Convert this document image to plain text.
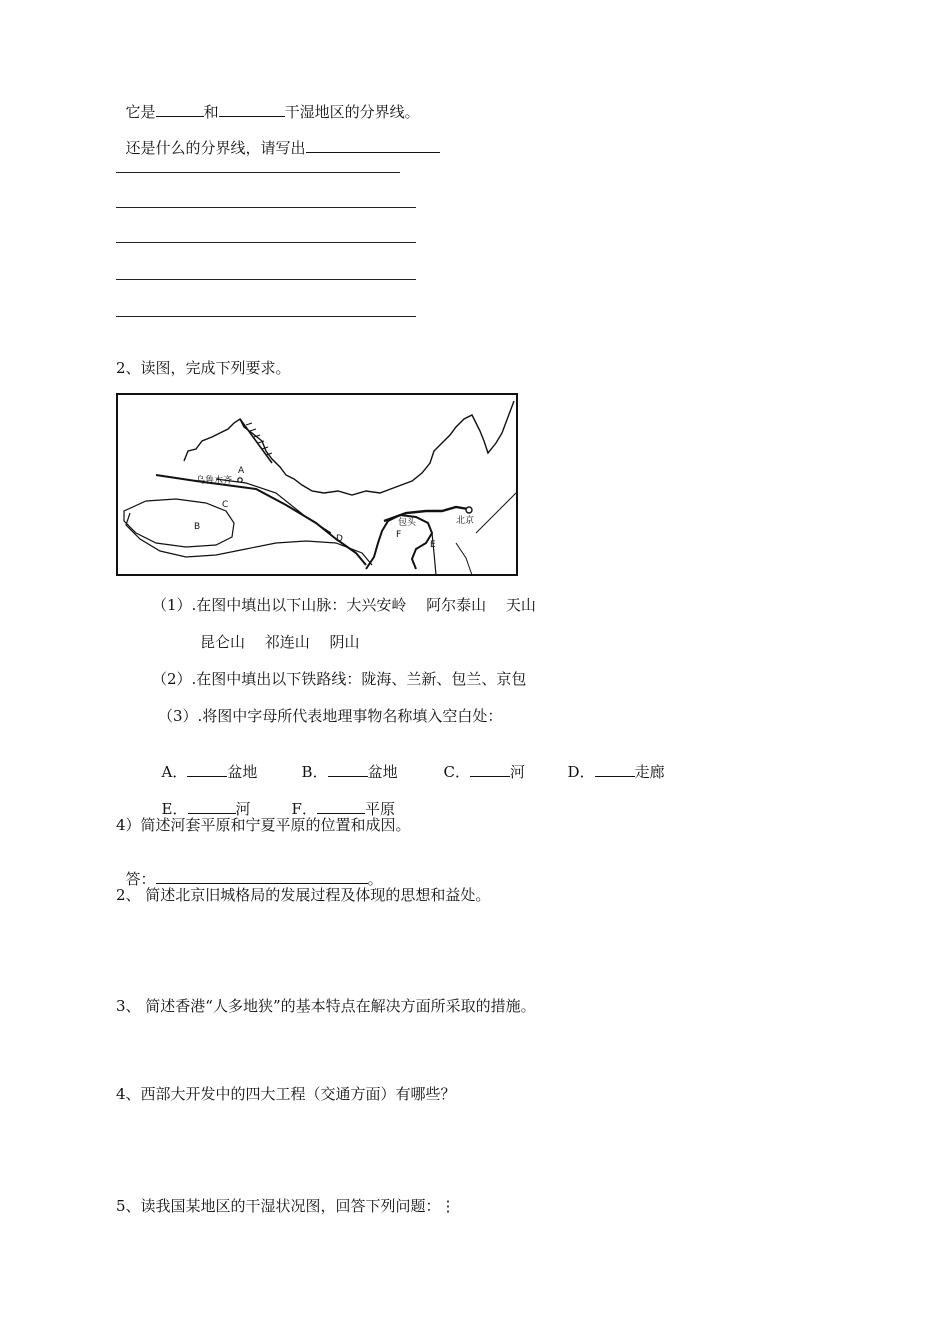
它是	和	干湿地区的分界线。

还是什么的分界线，请写出

2、读图，完成下列要求。
乌鲁木齐
A
C
B
D
包头	北京
F
E
（1）.在图中填出以下山脉：大兴安岭　 阿尔泰山　 天山
昆仑山　 祁连山　 阴山
（2）.在图中填出以下铁路线：陇海、兰新、包兰、京包
（3）.将图中字母所代表地理事物名称填入空白处：

A．	盆地	B．	盆地	C．	河	D．	走廊

E．	河	F．	平原

4）简述河套平原和宁夏平原的位置和成因。

答：	。

2、 简述北京旧城格局的发展过程及体现的思想和益处。
3、 简述香港“人多地狭”的基本特点在解决方面所采取的措施。
4、西部大开发中的四大工程（交通方面）有哪些？
5、读我国某地区的干湿状况图，回答下列问题：⋮
